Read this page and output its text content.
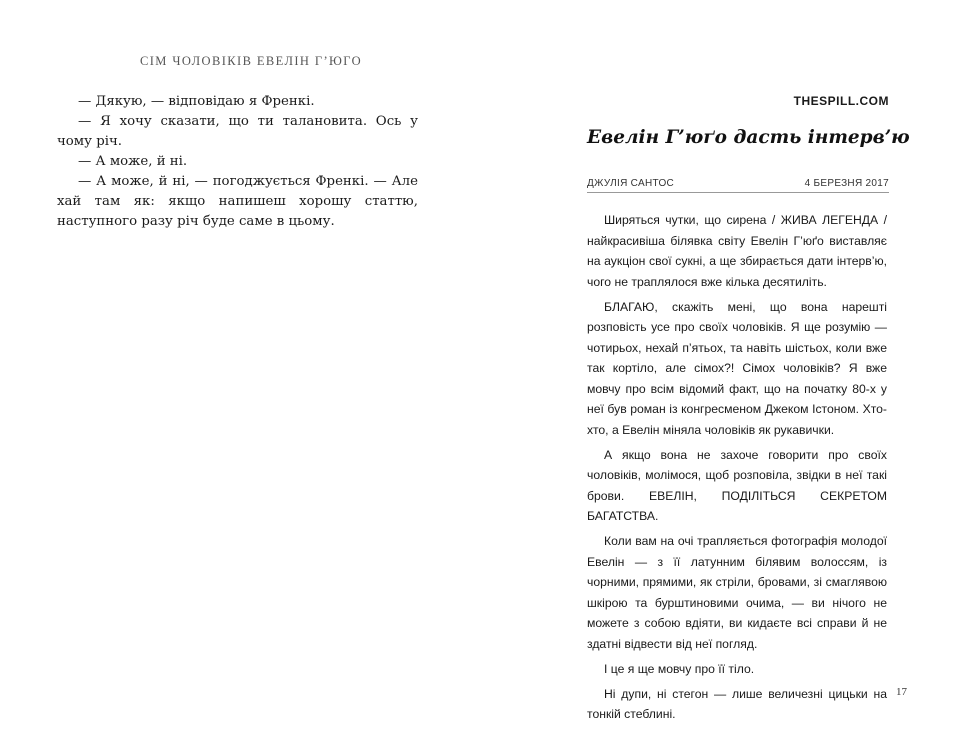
СІМ ЧОЛОВІКІВ ЕВЕЛІН Г’ЮГО

— Дякую, — відповідаю я Френкі.

— Я хочу сказати, що ти талановита. Ось у чому річ.

— А може, й ні.

— А може, й ні, — погоджується Френкі. — Але хай там як: якщо напишеш хорошу статтю, наступного разу річ буде саме в цьому.

THESPILL.COM
Евелін Г’юґо дасть інтерв’ю
ДЖУЛІЯ САНТОС	4 БЕРЕЗНЯ 2017

Ширяться чутки, що сирена / ЖИВА ЛЕГЕНДА / найкрасивіша білявка світу Евелін Г’юґо виставляє на аукціон свої сукні, а ще збирається дати інтерв’ю, чого не траплялося вже кілька десятиліть.

БЛАГАЮ, скажіть мені, що вона нарешті розповість усе про своїх чоловіків. Я ще розумію — чотирьох, нехай п’ятьох, та навіть шістьох, коли вже так кортіло, але сімох?! Сімох чоловіків? Я вже мовчу про всім відомий факт, що на початку 80-х у неї був роман із конгресменом Джеком Істоном. Хто-хто, а Евелін міняла чоловіків як рукавички.

А якщо вона не захоче говорити про своїх чоловіків, молімося, щоб розповіла, звідки в неї такі брови. ЕВЕЛІН, ПОДІЛІТЬСЯ СЕКРЕТОМ БАГАТСТВА.

Коли вам на очі трапляється фотографія молодої Евелін — з її латунним білявим волоссям, із чорними, прямими, як стріли, бровами, зі смаглявою шкірою та бурштиновими очима, — ви нічого не можете з собою вдіяти, ви кидаєте всі справи й не здатні відвести від неї погляд.

І це я ще мовчу про її тіло.

Ні дупи, ні стегон — лише величезні цицьки на тонкій стеблині.

17
